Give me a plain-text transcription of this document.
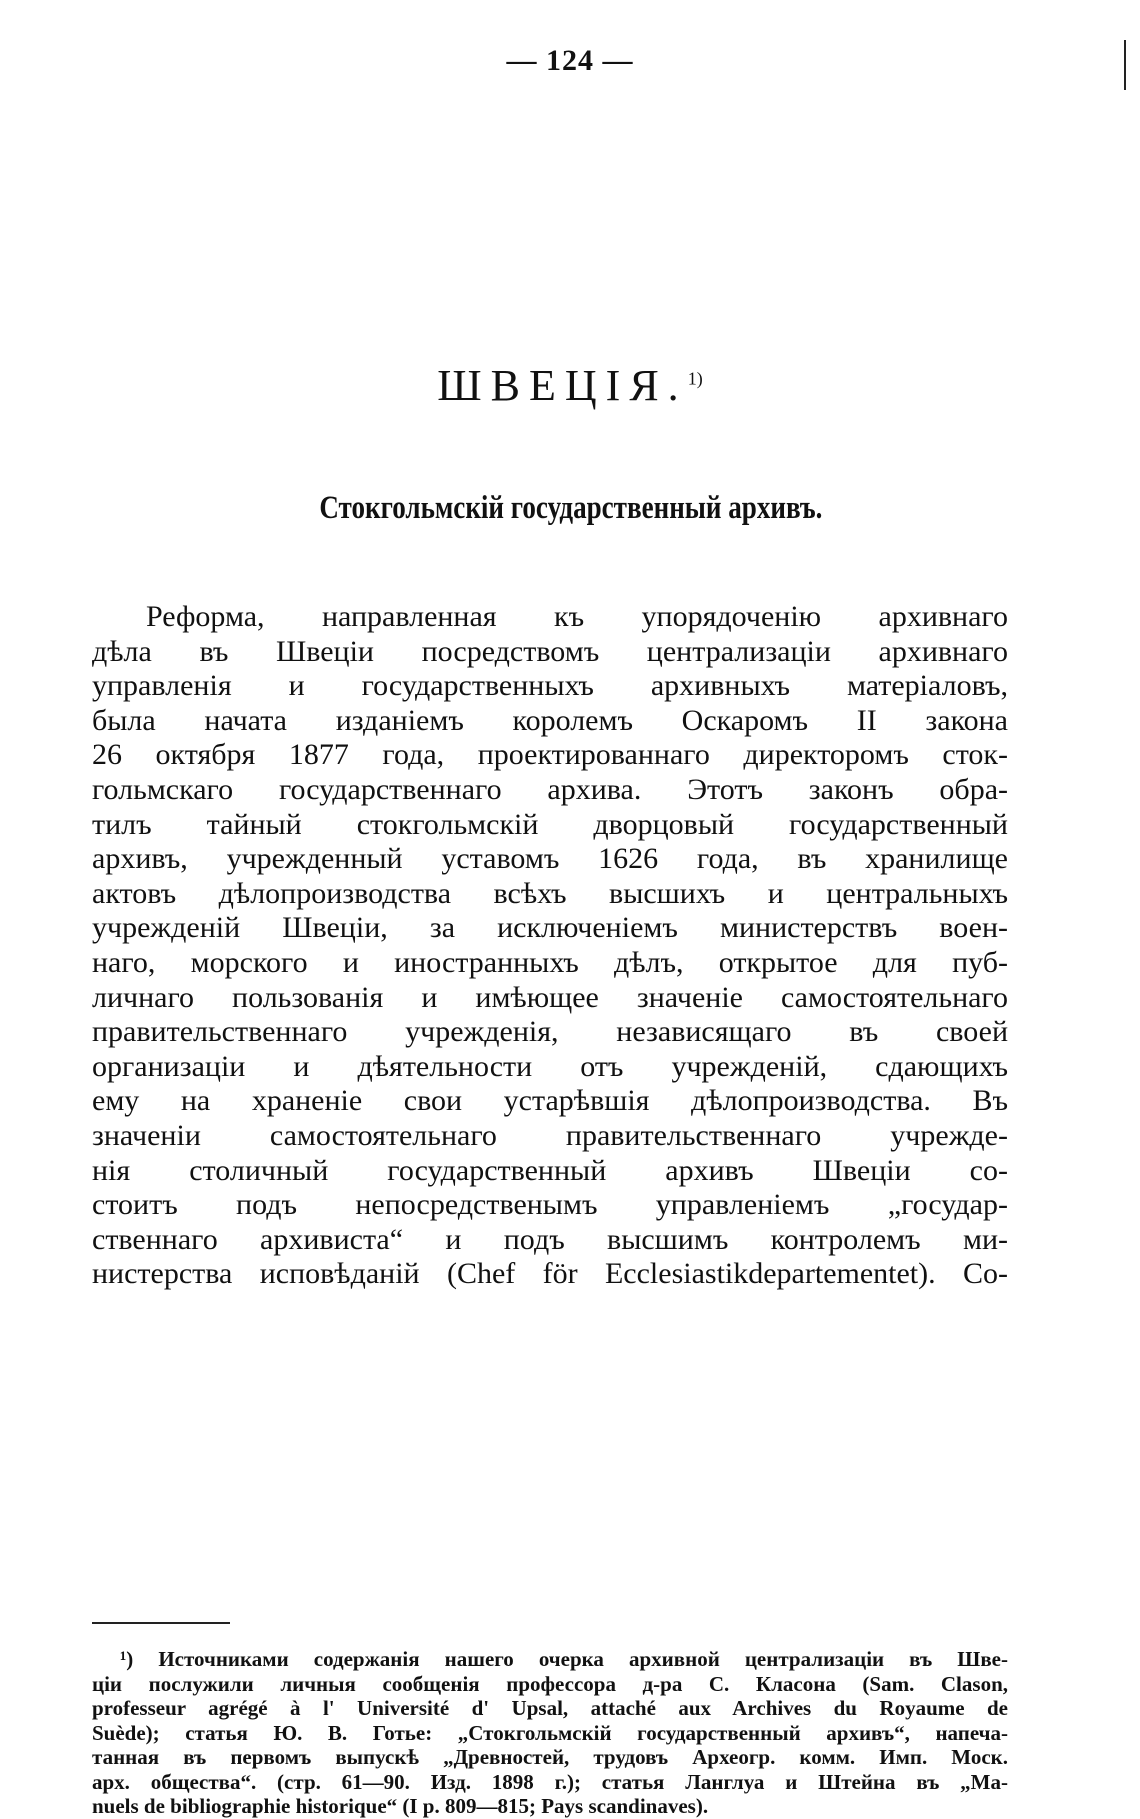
— 124 —
ШВЕЦІЯ.$^{1)}$
Стокгольмскій государственный архивъ.
Реформа, направленная къ упорядоченію архивнаго
дѣла въ Швеціи посредствомъ централизаціи архивнаго
управленія и государственныхъ архивныхъ матеріаловъ,
была начата изданіемъ королемъ Оскаромъ II закона
26 октября 1877 года, проектированнаго директоромъ сток-
гольмскаго государственнаго архива. Этотъ законъ обра-
тилъ тайный стокгольмскій дворцовый государственный
архивъ, учрежденный уставомъ 1626 года, въ хранилище
актовъ дѣлопроизводства всѣхъ высшихъ и центральныхъ
учрежденій Швеціи, за исключеніемъ министерствъ воен-
наго, морского и иностранныхъ дѣлъ, открытое для пуб-
личнаго пользованія и имѣющее значеніе самостоятельнаго
правительственнаго учрежденія, независящаго въ своей
организаціи и дѣятельности отъ учрежденій, сдающихъ
ему на храненіе свои устарѣвшія дѣлопроизводства. Въ
значеніи самостоятельнаго правительственнаго учрежде-
нія столичный государственный архивъ Швеціи со-
стоитъ подъ непосредственымъ управленіемъ „государ-
ственнаго архивиста“ и подъ высшимъ контролемъ ми-
нистерства исповѣданій (Chef för Ecclesiastikdepartementet). Со-
¹) Источниками содержанія нашего очерка архивной централизаціи въ Шве-
ціи послужили личныя сообщенія профессора д-ра С. Класона (Sam. Clason,
professeur agrégé à l' Université d' Upsal, attaché aux Archives du Royaume de
Suède); статья Ю. В. Готье: „Стокгольмскій государственный архивъ“, напеча-
танная въ первомъ выпускѣ „Древностей, трудовъ Археогр. комм. Имп. Моск.
арх. общества“. (стр. 61—90. Изд. 1898 г.); статья Ланглуа и Штейна въ „Ma-
nuels de bibliographie historique“ (I p. 809—815; Pays scandinaves).
